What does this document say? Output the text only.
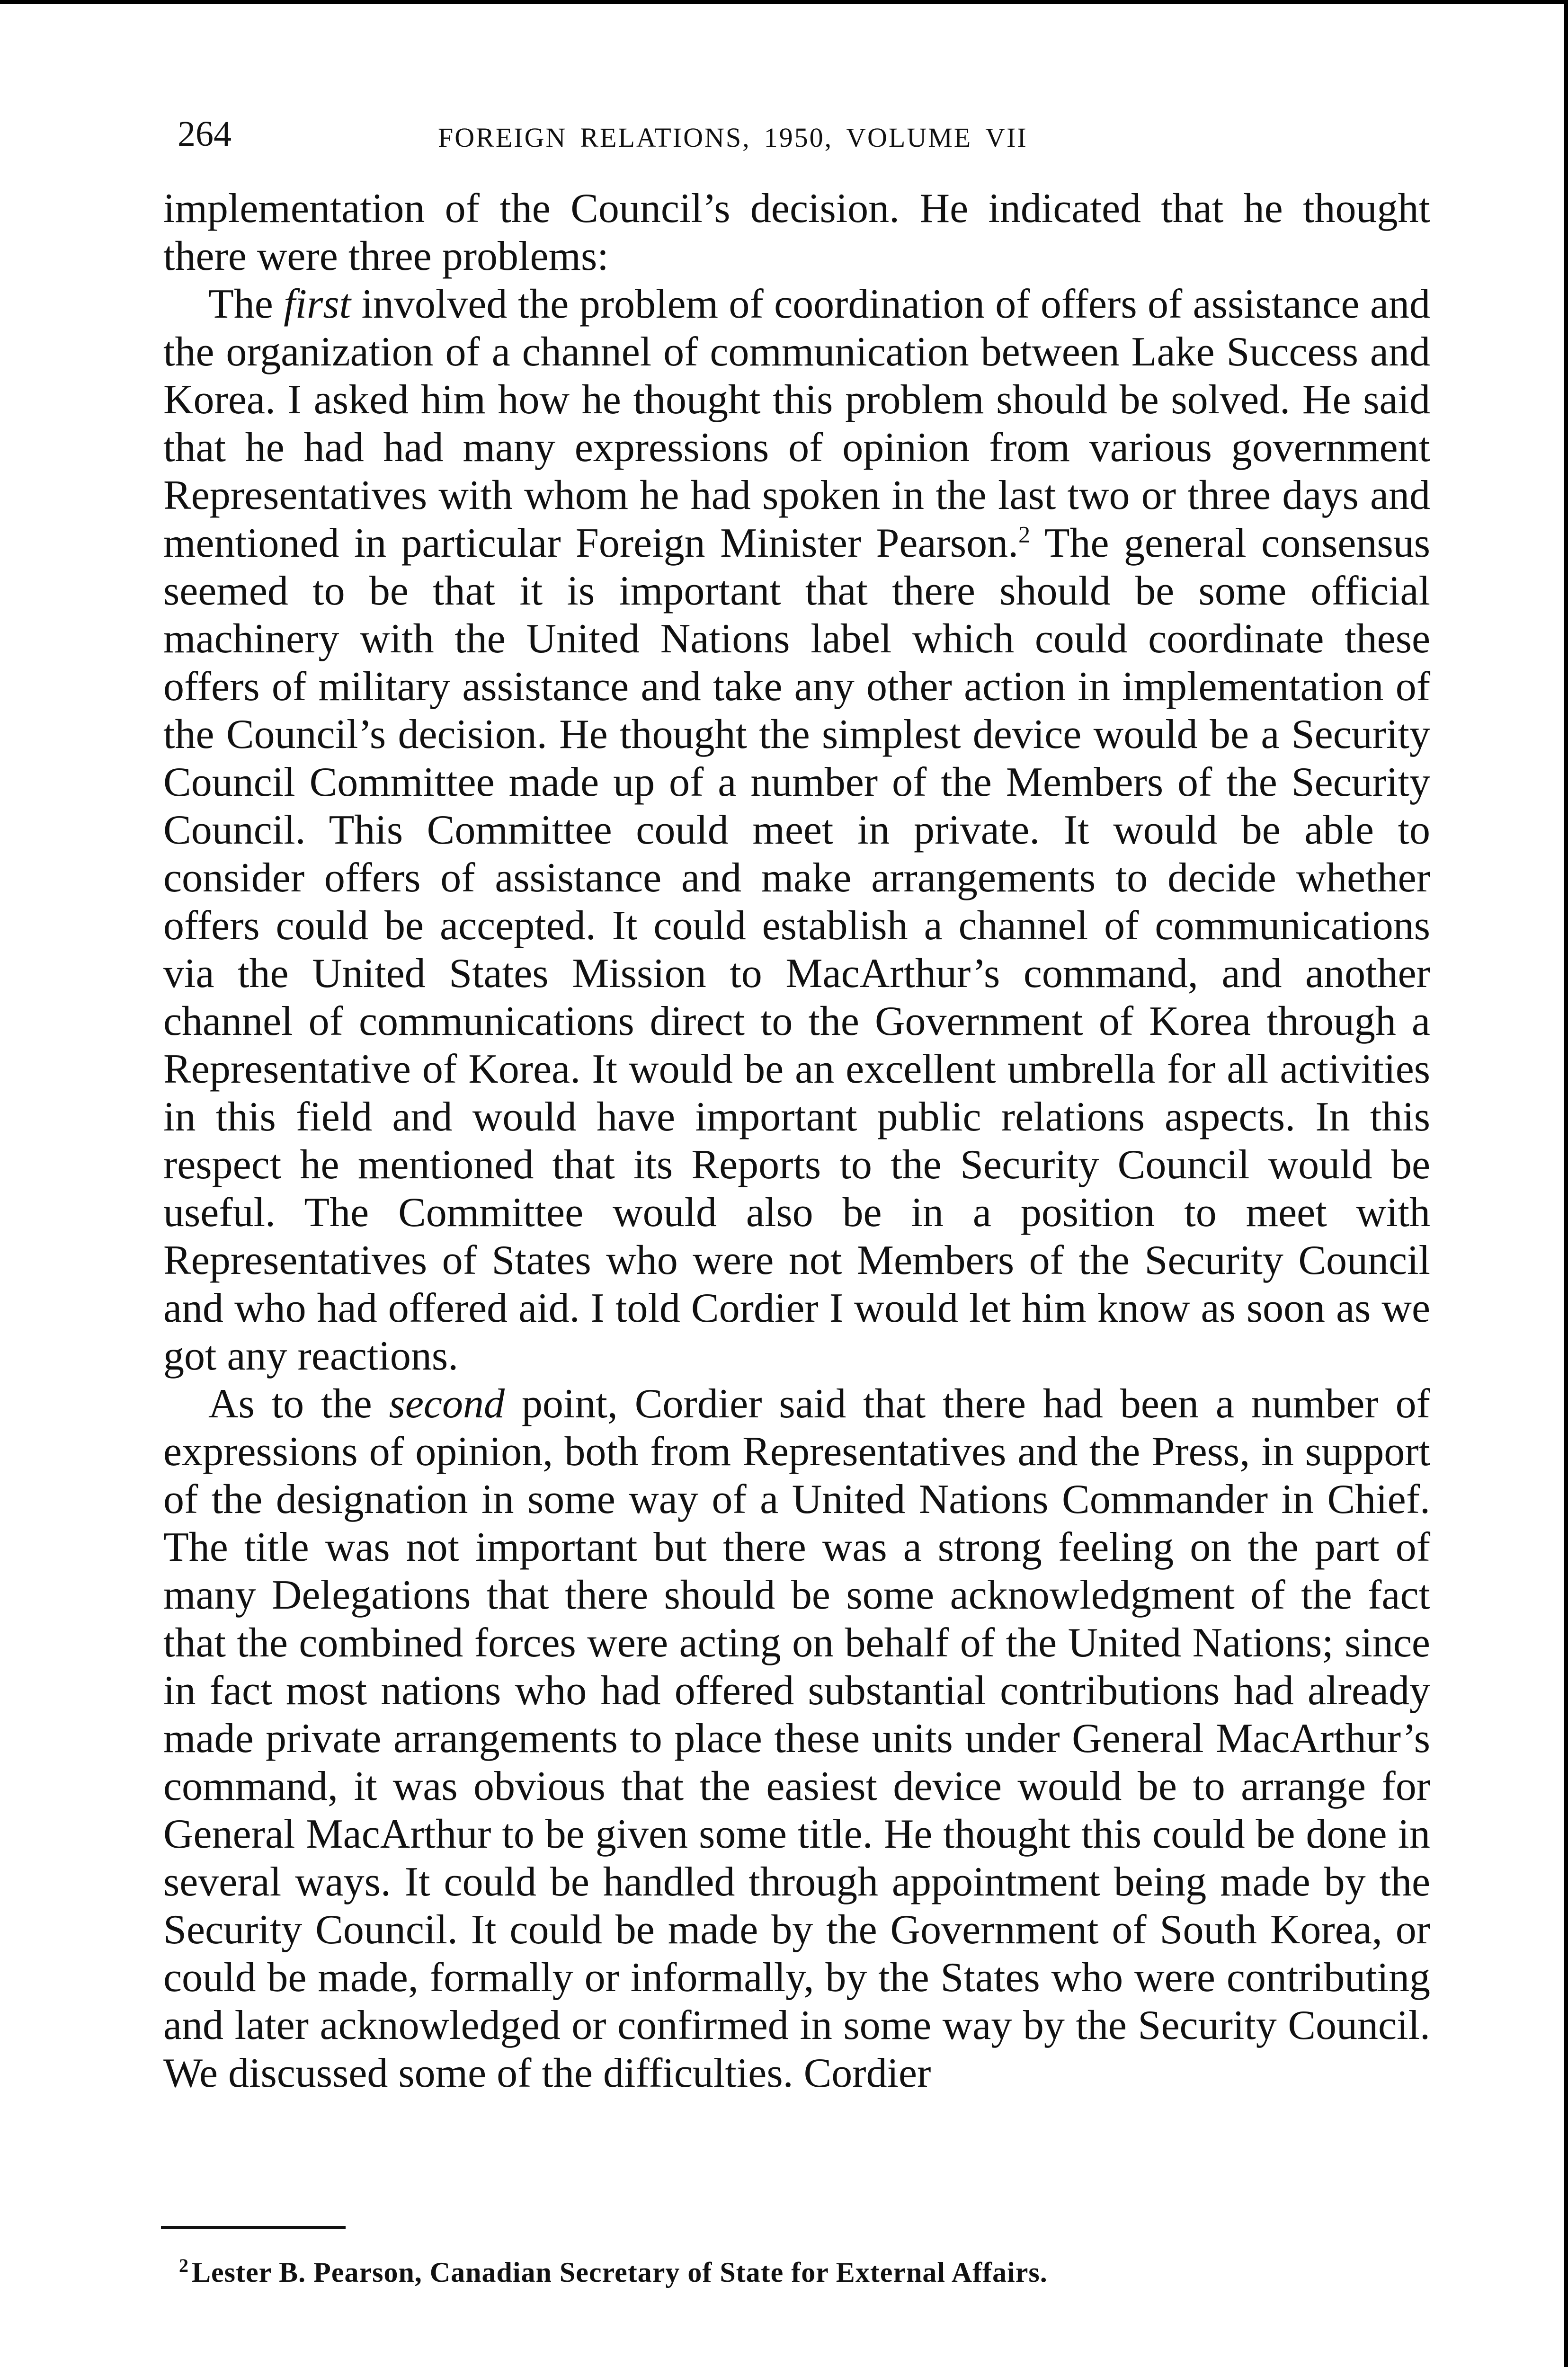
264	FOREIGN RELATIONS, 1950, VOLUME VII

implementation of the Council’s decision. He indicated that he thought there were three problems:

The first involved the problem of coordination of offers of assistance and the organization of a channel of communication between Lake Success and Korea. I asked him how he thought this problem should be solved. He said that he had had many expressions of opinion from various government Representatives with whom he had spoken in the last two or three days and mentioned in particular Foreign Minister Pearson.$^2$ The general consensus seemed to be that it is important that there should be some official machinery with the United Nations label which could coordinate these offers of military assistance and take any other action in implementation of the Council’s decision. He thought the simplest device would be a Security Council Committee made up of a number of the Members of the Security Council. This Committee could meet in private. It would be able to consider offers of assistance and make arrangements to decide whether offers could be accepted. It could establish a channel of communications via the United States Mission to MacArthur’s command, and another channel of communications direct to the Government of Korea through a Representative of Korea. It would be an excellent umbrella for all activities in this field and would have important public relations aspects. In this respect he mentioned that its Reports to the Security Council would be useful. The Committee would also be in a position to meet with Representatives of States who were not Members of the Security Council and who had offered aid. I told Cordier I would let him know as soon as we got any reactions.

As to the second point, Cordier said that there had been a number of expressions of opinion, both from Representatives and the Press, in support of the designation in some way of a United Nations Commander in Chief. The title was not important but there was a strong feeling on the part of many Delegations that there should be some acknowledgment of the fact that the combined forces were acting on behalf of the United Nations; since in fact most nations who had offered substantial contributions had already made private arrangements to place these units under General MacArthur’s command, it was obvious that the easiest device would be to arrange for General MacArthur to be given some title. He thought this could be done in several ways. It could be handled through appointment being made by the Security Council. It could be made by the Government of South Korea, or could be made, formally or informally, by the States who were contributing and later acknowledged or confirmed in some way by the Security Council. We discussed some of the difficulties. Cordier

$^2$ Lester B. Pearson, Canadian Secretary of State for External Affairs.
